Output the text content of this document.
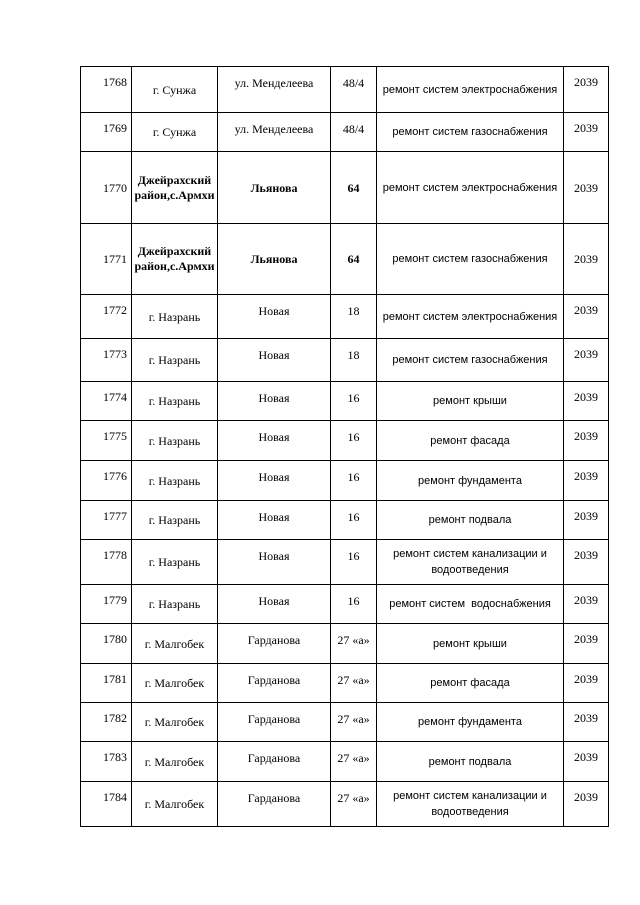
1768	г. Сунжа	ул. Менделеева	48/4	ремонт систем электроснабжения	2039
1769	г. Сунжа	ул. Менделеева	48/4	ремонт систем газоснабжения	2039
1770	Джейрахский район,с.Армхи	Льянова	64	ремонт систем электроснабжения	2039
1771	Джейрахский район,с.Армхи	Льянова	64	ремонт систем газоснабжения	2039
1772	г. Назрань	Новая	18	ремонт систем электроснабжения	2039
1773	г. Назрань	Новая	18	ремонт систем газоснабжения	2039
1774	г. Назрань	Новая	16	ремонт крыши	2039
1775	г. Назрань	Новая	16	ремонт фасада	2039
1776	г. Назрань	Новая	16	ремонт фундамента	2039
1777	г. Назрань	Новая	16	ремонт подвала	2039
1778	г. Назрань	Новая	16	ремонт систем канализации и водоотведения	2039
1779	г. Назрань	Новая	16	ремонт систем  водоснабжения	2039
1780	г. Малгобек	Гарданова	27 «а»	ремонт крыши	2039
1781	г. Малгобек	Гарданова	27 «а»	ремонт фасада	2039
1782	г. Малгобек	Гарданова	27 «а»	ремонт фундамента	2039
1783	г. Малгобек	Гарданова	27 «а»	ремонт подвала	2039
1784	г. Малгобек	Гарданова	27 «а»	ремонт систем канализации и водоотведения	2039
